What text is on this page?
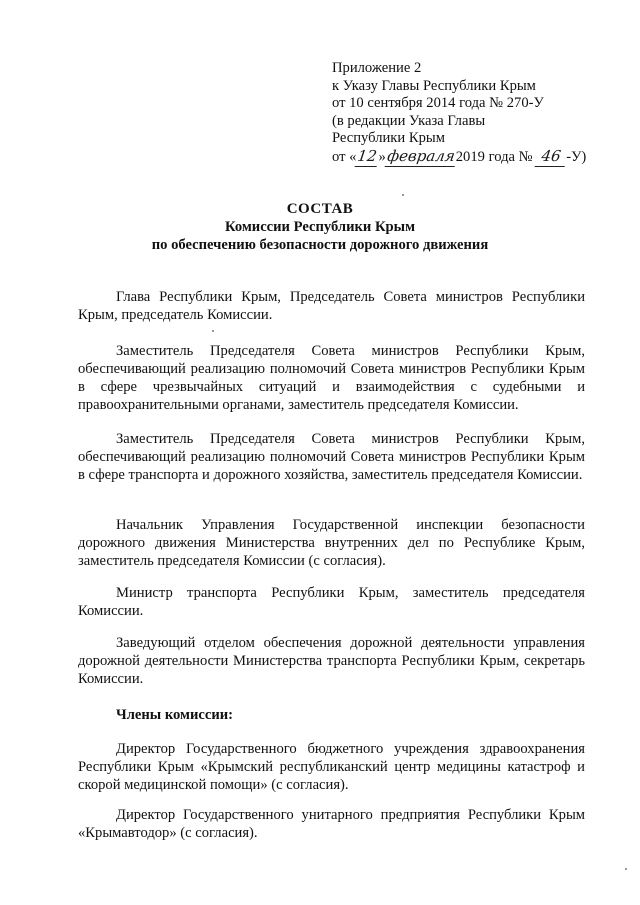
Приложение 2
к Указу Главы Республики Крым
от 10 сентября 2014 года № 270-У
(в редакции Указа Главы
Республики Крым
от «12»февраля2019 года № 46 -У)
СОСТАВ
Комиссии Республики Крым
по обеспечению безопасности дорожного движения

Глава Республики Крым, Председатель Совета министров Республики Крым, председатель Комиссии.

Заместитель Председателя Совета министров Республики Крым, обеспечивающий реализацию полномочий Совета министров Республики Крым в сфере чрезвычайных ситуаций и взаимодействия с судебными и правоохранительными органами, заместитель председателя Комиссии.

Заместитель Председателя Совета министров Республики Крым, обеспечивающий реализацию полномочий Совета министров Республики Крым в сфере транспорта и дорожного хозяйства, заместитель председателя Комиссии.

Начальник Управления Государственной инспекции безопасности дорожного движения Министерства внутренних дел по Республике Крым, заместитель председателя Комиссии (с согласия).

Министр транспорта Республики Крым, заместитель председателя Комиссии.

Заведующий отделом обеспечения дорожной деятельности управления дорожной деятельности Министерства транспорта Республики Крым, секретарь Комиссии.

Члены комиссии:

Директор Государственного бюджетного учреждения здравоохранения Республики Крым «Крымский республиканский центр медицины катастроф и скорой медицинской помощи» (с согласия).

Директор Государственного унитарного предприятия Республики Крым «Крымавтодор» (с согласия).
